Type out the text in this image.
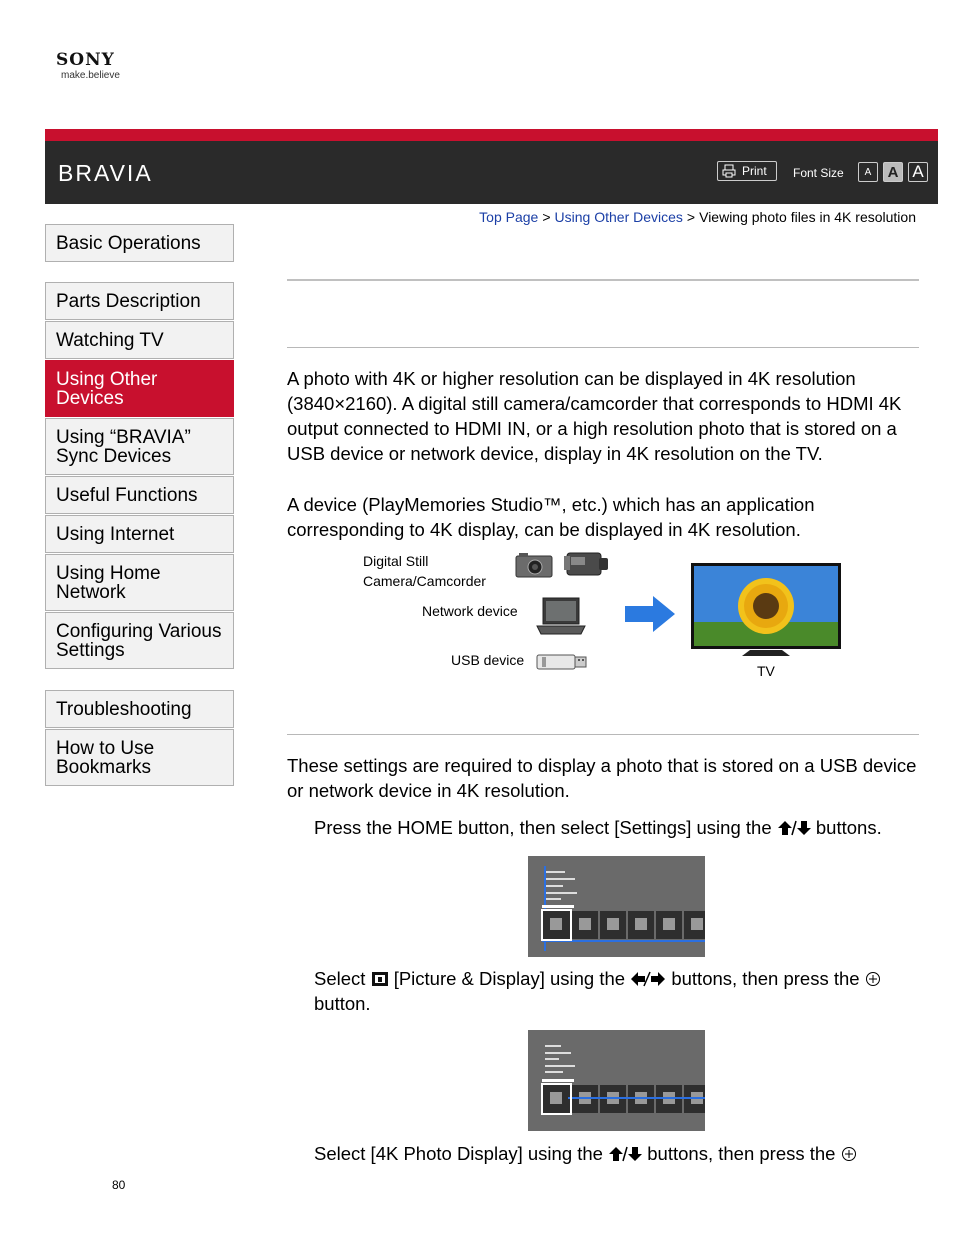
SONY
make.believe
BRAVIA	Print Font Size	A	A A
Top Page > Using Other Devices > Viewing photo files in 4K resolution
Basic Operations
Parts Description
Watching TV
Using Other Devices
Using “BRAVIA” Sync Devices
Useful Functions
Using Internet
Using Home Network
Configuring Various Settings
Troubleshooting
How to Use Bookmarks
A photo with 4K or higher resolution can be displayed in 4K resolution (3840×2160). A digital still camera/camcorder that corresponds to HDMI 4K output connected to HDMI IN, or a high resolution photo that is stored on a USB device or network device, display in 4K resolution on the TV.
A device (PlayMemories Studio™, etc.) which has an application corresponding to 4K display, can be displayed in 4K resolution.
Digital Still
Camera/Camcorder
Network device
USB device
TV
These settings are required to display a photo that is stored on a USB device or network device in 4K resolution.
Press the HOME button, then select [Settings] using the buttons.
Select [Picture & Display] using the	buttons, then press the  button.
Select [4K Photo Display] using the buttons, then press the
80
